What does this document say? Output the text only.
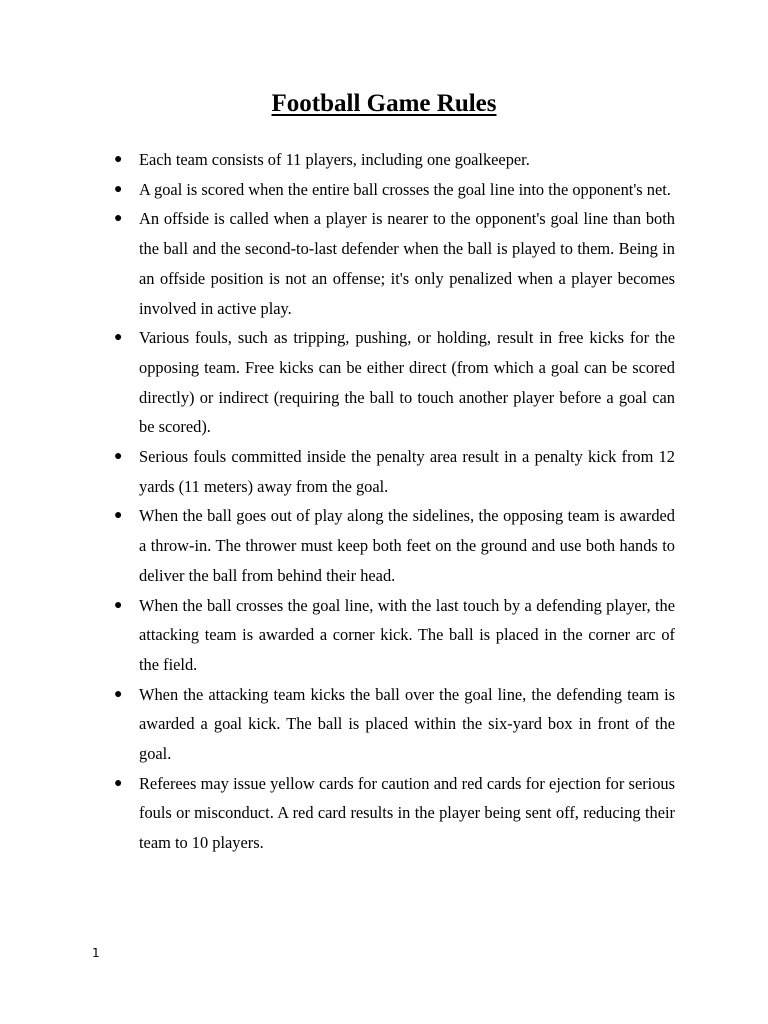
Football Game Rules
● Each team consists of 11 players, including one goalkeeper.
● A goal is scored when the entire ball crosses the goal line into the opponent's net.
● An offside is called when a player is nearer to the opponent's goal line than both the ball and the second-to-last defender when the ball is played to them. Being in an offside position is not an offense; it's only penalized when a player becomes involved in active play.
● Various fouls, such as tripping, pushing, or holding, result in free kicks for the opposing team. Free kicks can be either direct (from which a goal can be scored directly) or indirect (requiring the ball to touch another player before a goal can be scored).
● Serious fouls committed inside the penalty area result in a penalty kick from 12 yards (11 meters) away from the goal.
● When the ball goes out of play along the sidelines, the opposing team is awarded a throw-in. The thrower must keep both feet on the ground and use both hands to deliver the ball from behind their head.
● When the ball crosses the goal line, with the last touch by a defending player, the attacking team is awarded a corner kick. The ball is placed in the corner arc of the field.
● When the attacking team kicks the ball over the goal line, the defending team is awarded a goal kick. The ball is placed within the six-yard box in front of the goal.
● Referees may issue yellow cards for caution and red cards for ejection for serious fouls or misconduct. A red card results in the player being sent off, reducing their team to 10 players.
1
